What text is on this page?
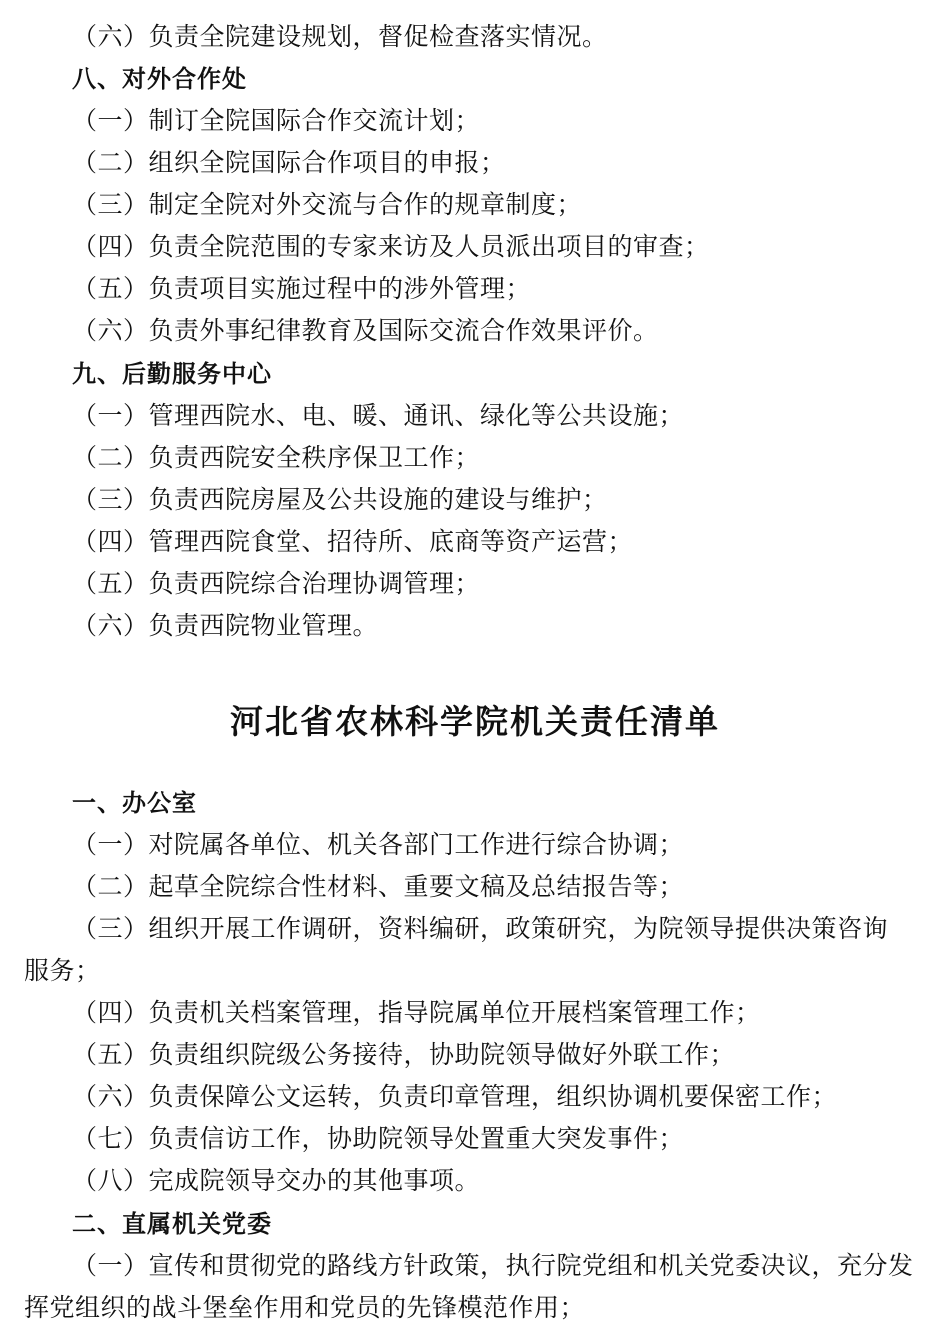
（六）负责全院建设规划，督促检查落实情况。
八、对外合作处
（一）制订全院国际合作交流计划；
（二）组织全院国际合作项目的申报；
（三）制定全院对外交流与合作的规章制度；
（四）负责全院范围的专家来访及人员派出项目的审查；
（五）负责项目实施过程中的涉外管理；
（六）负责外事纪律教育及国际交流合作效果评价。
九、后勤服务中心
（一）管理西院水、电、暖、通讯、绿化等公共设施；
（二）负责西院安全秩序保卫工作；
（三）负责西院房屋及公共设施的建设与维护；
（四）管理西院食堂、招待所、底商等资产运营；
（五）负责西院综合治理协调管理；
（六）负责西院物业管理。
河北省农林科学院机关责任清单
一、办公室
（一）对院属各单位、机关各部门工作进行综合协调；
（二）起草全院综合性材料、重要文稿及总结报告等；
（三）组织开展工作调研，资料编研，政策研究，为院领导提供决策咨询
服务；
（四）负责机关档案管理，指导院属单位开展档案管理工作；
（五）负责组织院级公务接待，协助院领导做好外联工作；
（六）负责保障公文运转，负责印章管理，组织协调机要保密工作；
（七）负责信访工作，协助院领导处置重大突发事件；
（八）完成院领导交办的其他事项。
二、直属机关党委
（一）宣传和贯彻党的路线方针政策，执行院党组和机关党委决议，充分发
挥党组织的战斗堡垒作用和党员的先锋模范作用；
